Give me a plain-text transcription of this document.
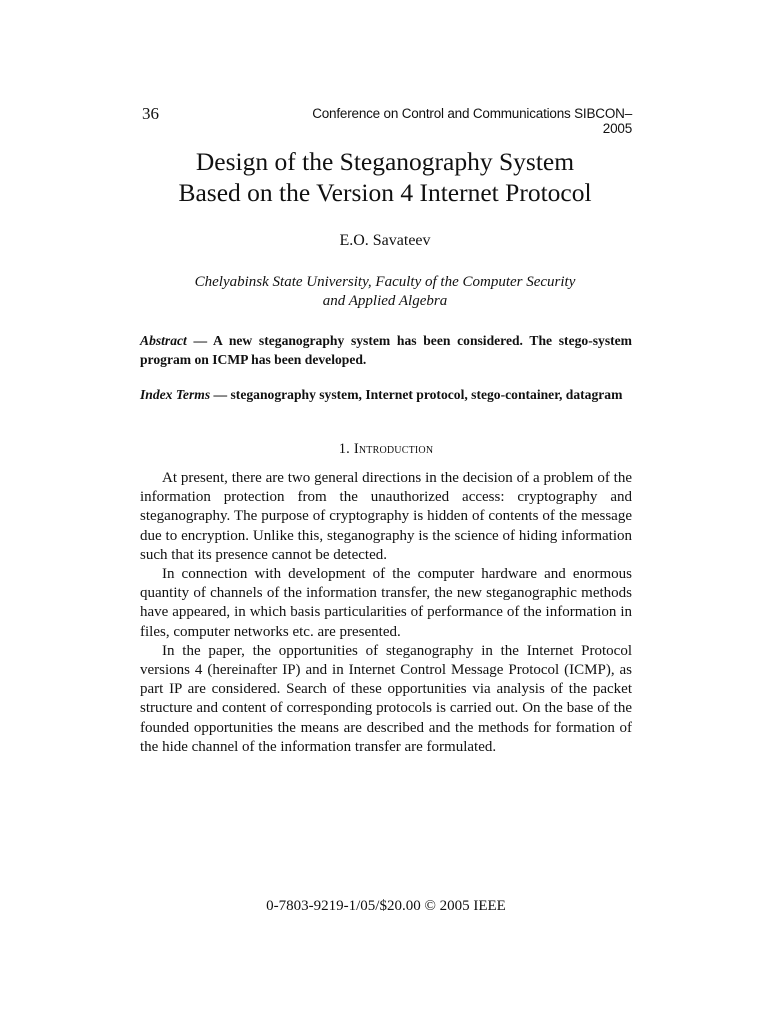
36	Conference on Control and Communications SIBCON–2005
Design of the Steganography System
Based on the Version 4 Internet Protocol
E.O. Savateev
Chelyabinsk State University, Faculty of the Computer Security
and Applied Algebra
Abstract — A new steganography system has been considered. The stego-system program on ICMP has been developed.
Index Terms — steganography system, Internet protocol, stego-container, datagram
1. Introduction

At present, there are two general directions in the decision of a problem of the information protection from the unauthorized access: cryptography and steganography. The purpose of cryptography is hidden of contents of the message due to encryption. Unlike this, steganography is the science of hiding information such that its presence cannot be detected.

In connection with development of the computer hardware and enormous quantity of channels of the information transfer, the new steganographic methods have appeared, in which basis particularities of performance of the information in files, computer networks etc. are presented.

In the paper, the opportunities of steganography in the Internet Protocol versions 4 (hereinafter IP) and in Internet Control Message Protocol (ICMP), as part IP are considered. Search of these opportunities via analysis of the packet structure and content of corresponding protocols is carried out. On the base of the founded opportunities the means are described and the methods for formation of the hide channel of the information transfer are formulated.

0-7803-9219-1/05/$20.00 © 2005 IEEE
